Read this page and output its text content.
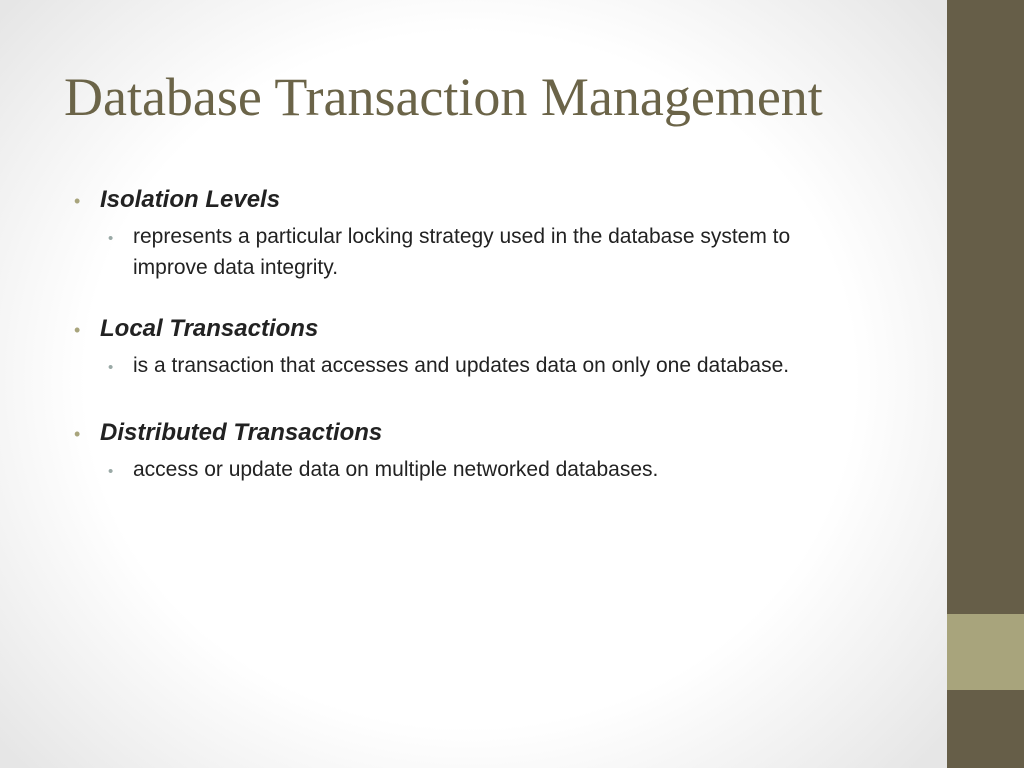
Database Transaction Management
• Isolation Levels
• represents a particular locking strategy used in the database system to improve data integrity.
• Local Transactions
• is a transaction that accesses and updates data on only one database.
• Distributed Transactions
• access or update data on multiple networked databases.
